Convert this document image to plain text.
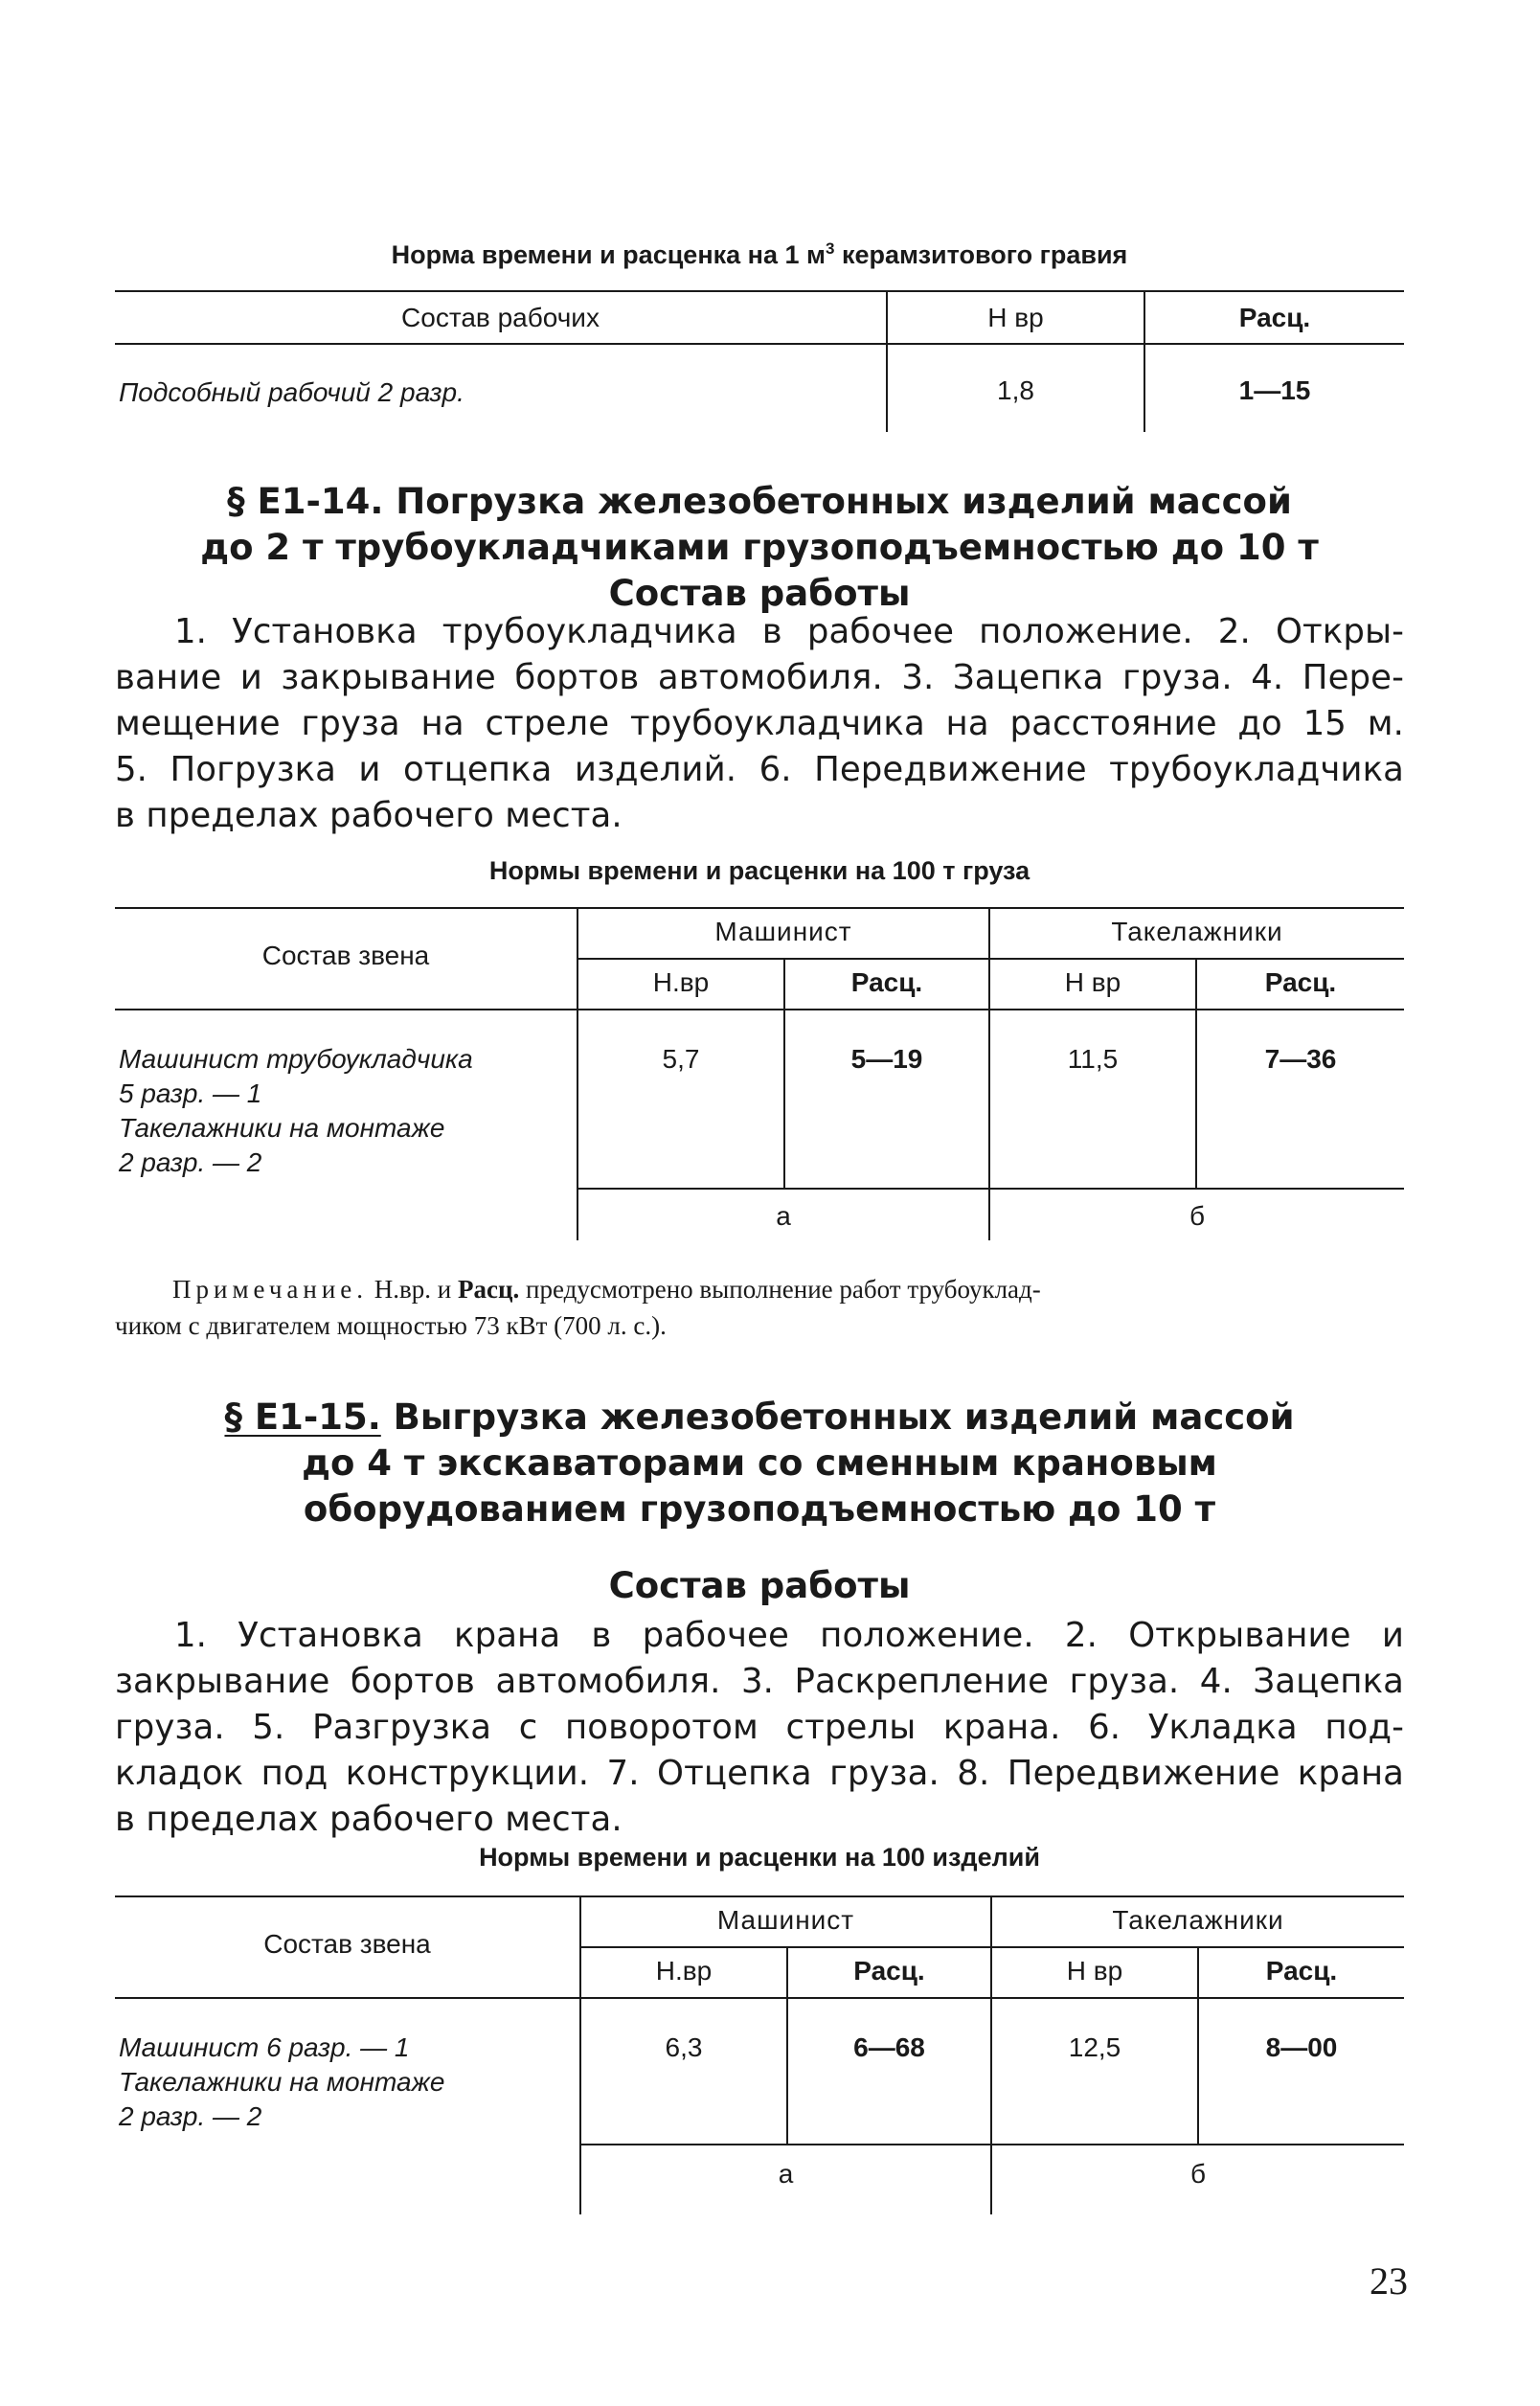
Норма времени и расценка на 1 $м^3$ керамзитового гравия
Состав рабочих	Н вр	Расц.
Подсобный рабочий 2 разр.	1,8	1—15
§ Е1-14. Погрузка железобетонных изделий массой
до 2 т трубоукладчиками грузоподъемностью до 10 т
Состав работы
1. Установка трубоукладчика в рабочее положение. 2. Откры-
вание и закрывание бортов автомобиля. 3. Зацепка груза. 4. Пере-
мещение груза на стреле трубоукладчика на расстояние до 15 м.
5. Погрузка и отцепка изделий. 6. Передвижение трубоукладчика
в пределах рабочего места.
Нормы времени и расценки на 100 т груза
Состав звена
Машинист	Такелажники
Н.вр	Расц.	Н вр	Расц.
Машинист трубоукладчика
5 разр. — 1
Такелажники на монтаже
2 разр. — 2
5,7	5—19	11,5	7—36
а	б
Примечание. Н.вр. и Расц. предусмотрено выполнение работ трубоуклад-
чиком с двигателем мощностью 73 кВт (700 л. с.).
§ Е1-15. Выгрузка железобетонных изделий массой
до 4 т экскаваторами со сменным крановым
оборудованием грузоподъемностью до 10 т
Состав работы
1. Установка крана в рабочее положение. 2. Открывание и
закрывание бортов автомобиля. 3. Раскрепление груза. 4. Зацепка
груза. 5. Разгрузка с поворотом стрелы крана. 6. Укладка под-
кладок под конструкции. 7. Отцепка груза. 8. Передвижение крана
в пределах рабочего места.
Нормы времени и расценки на 100 изделий
Состав звена
Машинист	Такелажники
Н.вр	Расц.	Н вр	Расц.
Машинист 6 разр. — 1
Такелажники на монтаже
2 разр. — 2
6,3	6—68	12,5	8—00
а	б
23
